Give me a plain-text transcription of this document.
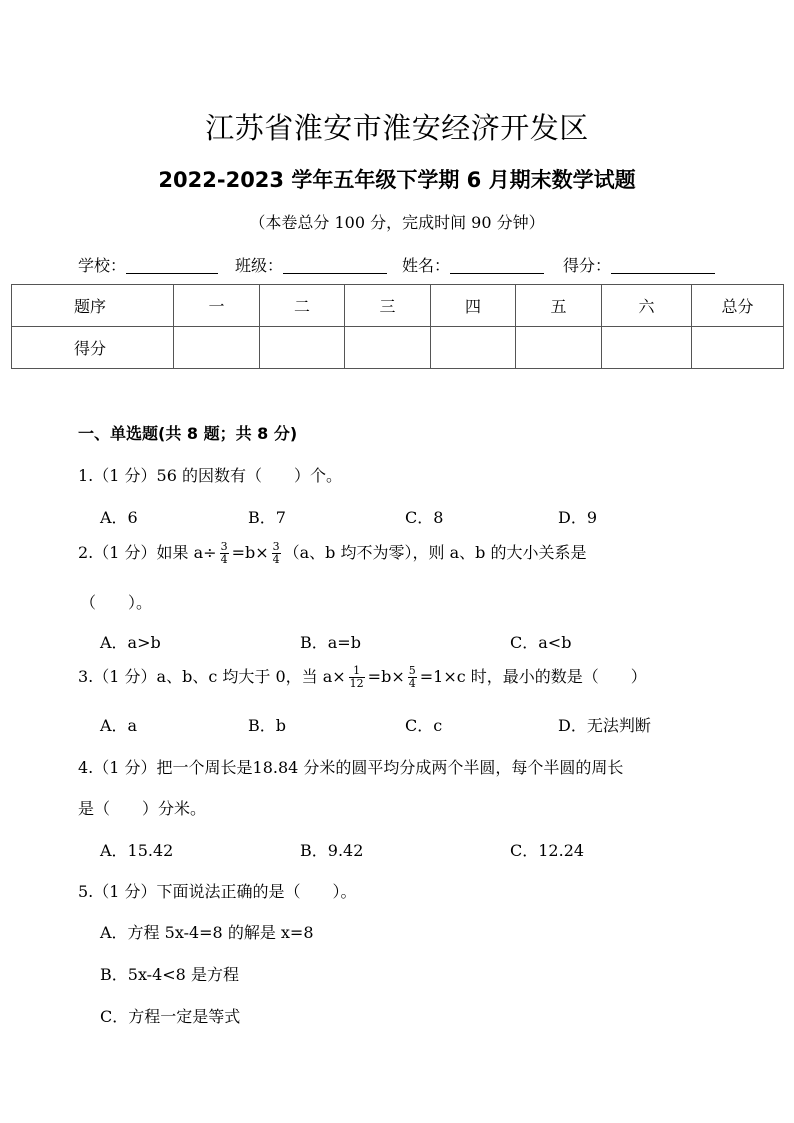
江苏省淮安市淮安经济开发区
2022-2023 学年五年级下学期 6 月期末数学试题
（本卷总分 100 分，完成时间 90 分钟）
学校：	班级：	姓名：	得分：
题序	一	二	三	四	五	六	总分
得分							
一、单选题(共 8 题；共 8 分)
1.（1 分）56 的因数有（　　）个。
A．6	B．7	C．8	D．9
2.（1 分）如果 $a\div \frac{3}{4} =b\times \frac{3}{4} (a$、b 均不为零），则 a、b 的大小关系是
（　　）。
A．a>b	B．a=b	C．a<b
3.（1 分）a、b、c 均大于 0，当 $a\times \frac{1}{12} =b\times \frac{5}{4} =1\times c$ 时，最小的数是（　　）
A．a	B．b	C．c	D．无法判断
4.（1 分）把一个周长是18.84 分米的圆平均分成两个半圆，每个半圆的周长
是（　　）分米。
A．15.42	B．9.42	C．12.24
5.（1 分）下面说法正确的是（　　）。
A．方程 5x-4=8 的解是 x=8
B．5x-4<8 是方程
C．方程一定是等式
